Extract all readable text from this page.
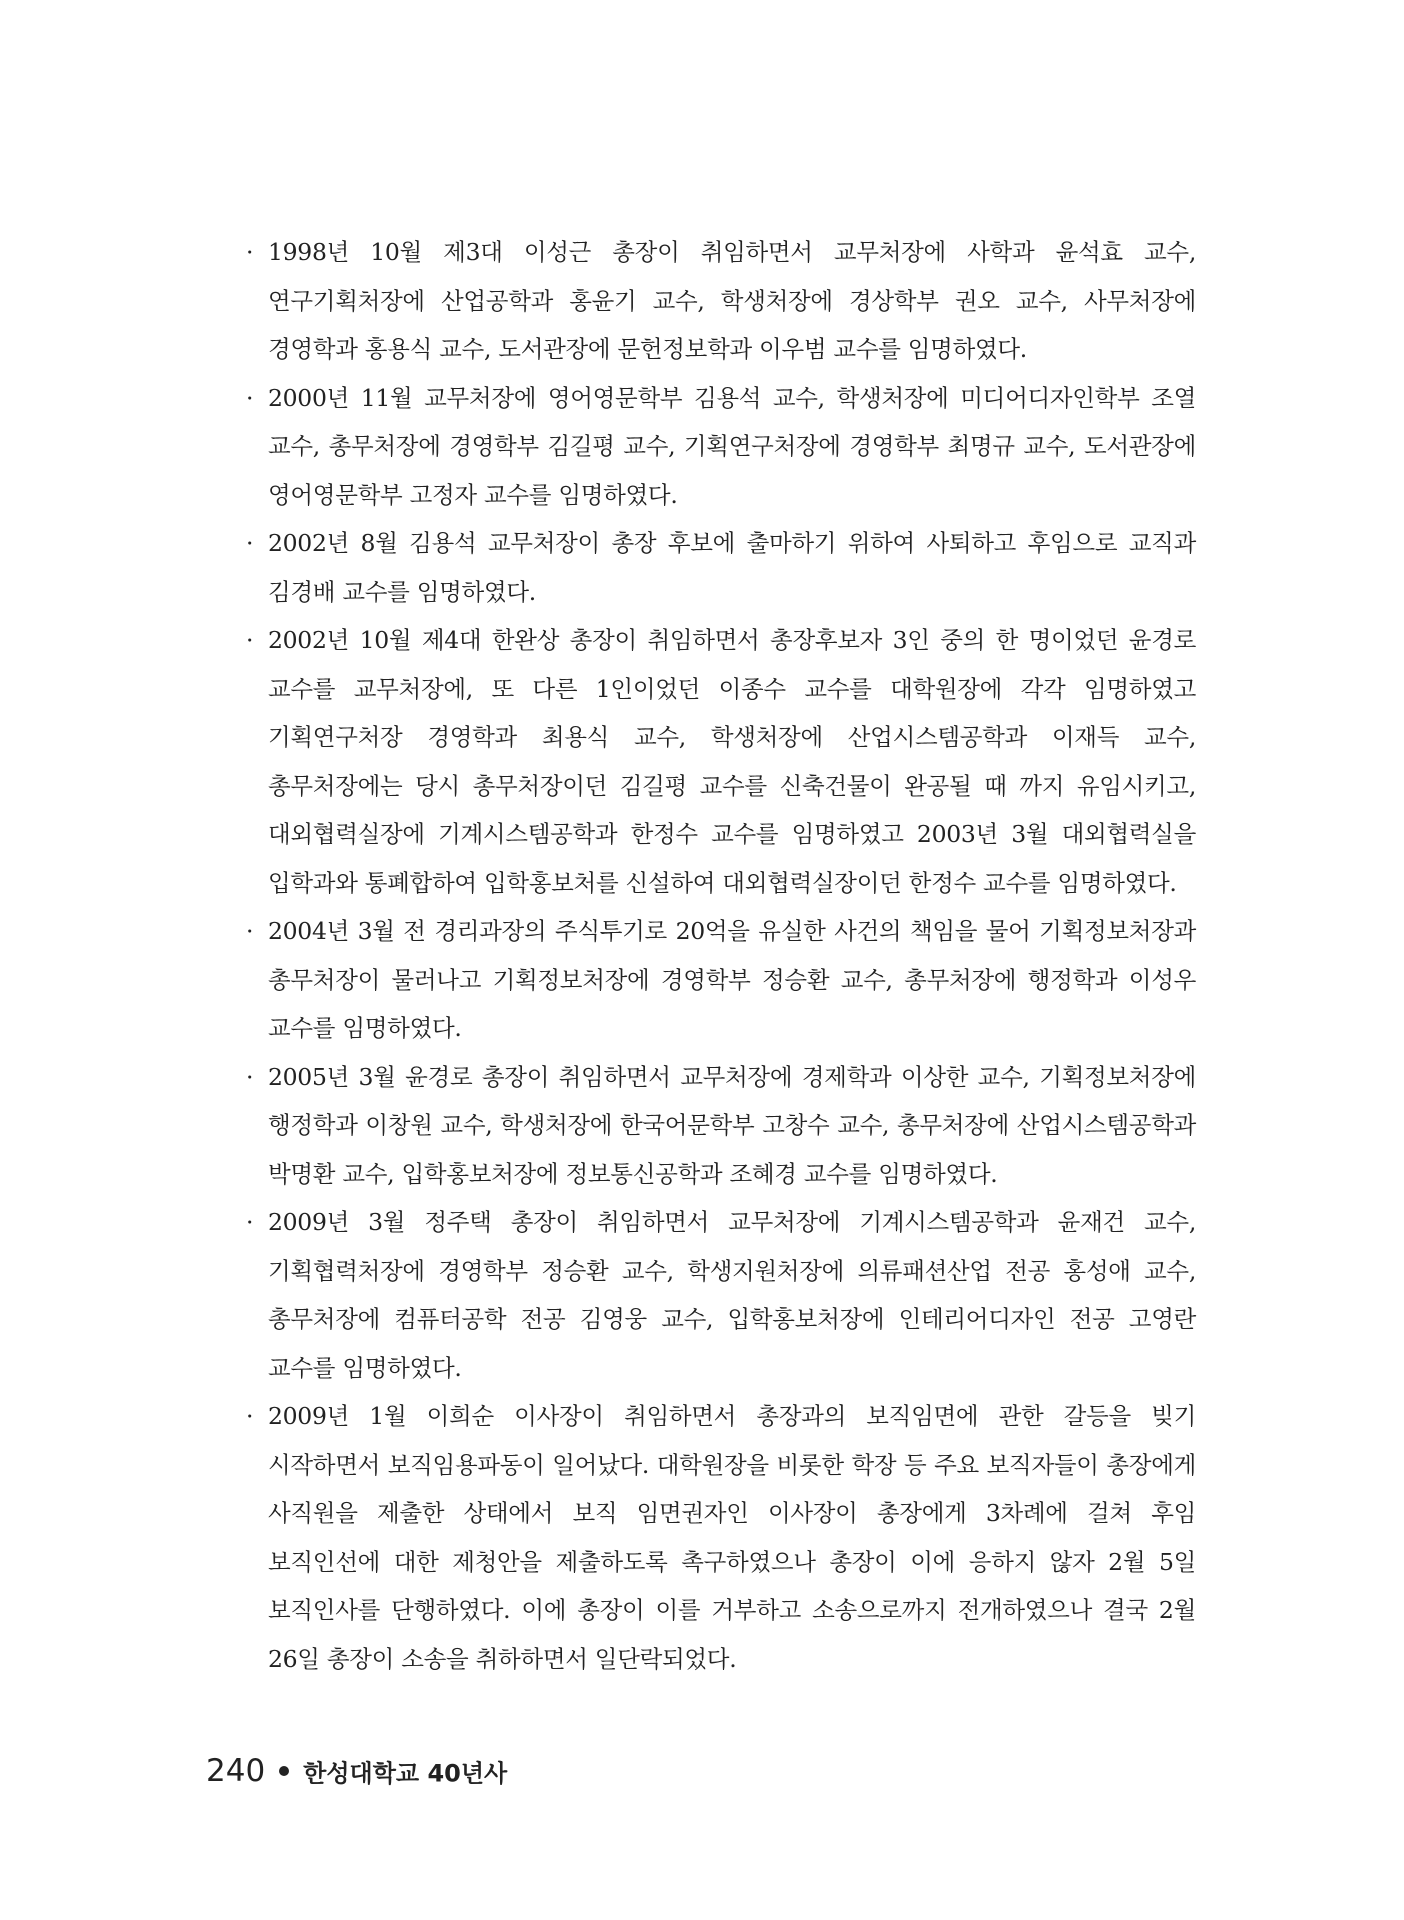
· 1998년 10월 제3대 이성근 총장이 취임하면서 교무처장에 사학과 윤석효 교수, 연구기획처장에 산업공학과 홍윤기 교수, 학생처장에 경상학부 권오 교수, 사무처장에 경영학과 홍용식 교수, 도서관장에 문헌정보학과 이우범 교수를 임명하였다.
· 2000년 11월 교무처장에 영어영문학부 김용석 교수, 학생처장에 미디어디자인학부 조열 교수, 총무처장에 경영학부 김길평 교수, 기획연구처장에 경영학부 최명규 교수, 도서관장에 영어영문학부 고정자 교수를 임명하였다.
· 2002년 8월 김용석 교무처장이 총장 후보에 출마하기 위하여 사퇴하고 후임으로 교직과 김경배 교수를 임명하였다.
· 2002년 10월 제4대 한완상 총장이 취임하면서 총장후보자 3인 중의 한 명이었던 윤경로 교수를 교무처장에, 또 다른 1인이었던 이종수 교수를 대학원장에 각각 임명하였고 기획연구처장 경영학과 최용식 교수, 학생처장에 산업시스템공학과 이재득 교수, 총무처장에는 당시 총무처장이던 김길평 교수를 신축건물이 완공될 때 까지 유임시키고, 대외협력실장에 기계시스템공학과 한정수 교수를 임명하였고 2003년 3월 대외협력실을 입학과와 통폐합하여 입학홍보처를 신설하여 대외협력실장이던 한정수 교수를 임명하였다.
· 2004년 3월 전 경리과장의 주식투기로 20억을 유실한 사건의 책임을 물어 기획정보처장과 총무처장이 물러나고 기획정보처장에 경영학부 정승환 교수, 총무처장에 행정학과 이성우 교수를 임명하였다.
· 2005년 3월 윤경로 총장이 취임하면서 교무처장에 경제학과 이상한 교수, 기획정보처장에 행정학과 이창원 교수, 학생처장에 한국어문학부 고창수 교수, 총무처장에 산업시스템공학과 박명환 교수, 입학홍보처장에 정보통신공학과 조혜경 교수를 임명하였다.
· 2009년 3월 정주택 총장이 취임하면서 교무처장에 기계시스템공학과 윤재건 교수, 기획협력처장에 경영학부 정승환 교수, 학생지원처장에 의류패션산업 전공 홍성애 교수, 총무처장에 컴퓨터공학 전공 김영웅 교수, 입학홍보처장에 인테리어디자인 전공 고영란 교수를 임명하였다.
· 2009년 1월 이희순 이사장이 취임하면서 총장과의 보직임면에 관한 갈등을 빚기 시작하면서 보직임용파동이 일어났다. 대학원장을 비롯한 학장 등 주요 보직자들이 총장에게 사직원을 제출한 상태에서 보직 임면권자인 이사장이 총장에게 3차례에 걸쳐 후임 보직인선에 대한 제청안을 제출하도록 촉구하였으나 총장이 이에 응하지 않자 2월 5일 보직인사를 단행하였다. 이에 총장이 이를 거부하고 소송으로까지 전개하였으나 결국 2월 26일 총장이 소송을 취하하면서 일단락되었다.
240 한성대학교 40년사
